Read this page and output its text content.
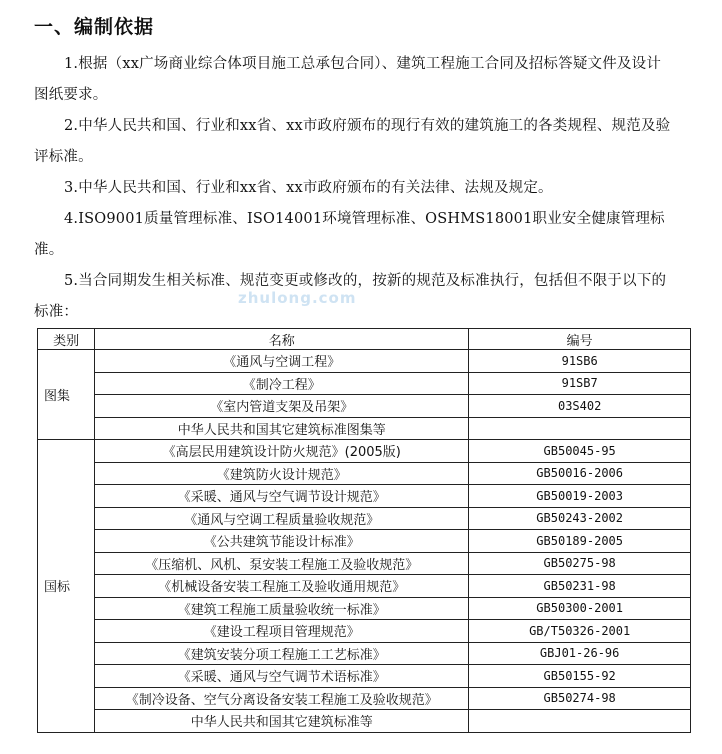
一、编制依据
1.根据（xx广场商业综合体项目施工总承包合同）、建筑工程施工合同及招标答疑文件及设计图纸要求。
2.中华人民共和国、行业和xx省、xx市政府颁布的现行有效的建筑施工的各类规程、规范及验评标准。
3.中华人民共和国、行业和xx省、xx市政府颁布的有关法律、法规及规定。
4.ISO9001质量管理标准、ISO14001环境管理标准、OSHMS18001职业安全健康管理标准。
5.当合同期发生相关标准、规范变更或修改的，按新的规范及标准执行，包括但不限于以下的标准：
zhulong.com
类别	名称	编号
图集	《通风与空调工程》	91SB6
	《制冷工程》	91SB7
	《室内管道支架及吊架》	03S402
	中华人民共和国其它建筑标准图集等	
国标	《高层民用建筑设计防火规范》(2005版)	GB50045-95
	《建筑防火设计规范》	GB50016-2006
	《采暖、通风与空气调节设计规范》	GB50019-2003
	《通风与空调工程质量验收规范》	GB50243-2002
	《公共建筑节能设计标准》	GB50189-2005
	《压缩机、风机、泵安装工程施工及验收规范》	GB50275-98
	《机械设备安装工程施工及验收通用规范》	GB50231-98
	《建筑工程施工质量验收统一标准》	GB50300-2001
	《建设工程项目管理规范》	GB/T50326-2001
	《建筑安装分项工程施工工艺标准》	GBJ01-26-96
	《采暖、通风与空气调节术语标准》	GB50155-92
	《制冷设备、空气分离设备安装工程施工及验收规范》	GB50274-98
	中华人民共和国其它建筑标准等	
